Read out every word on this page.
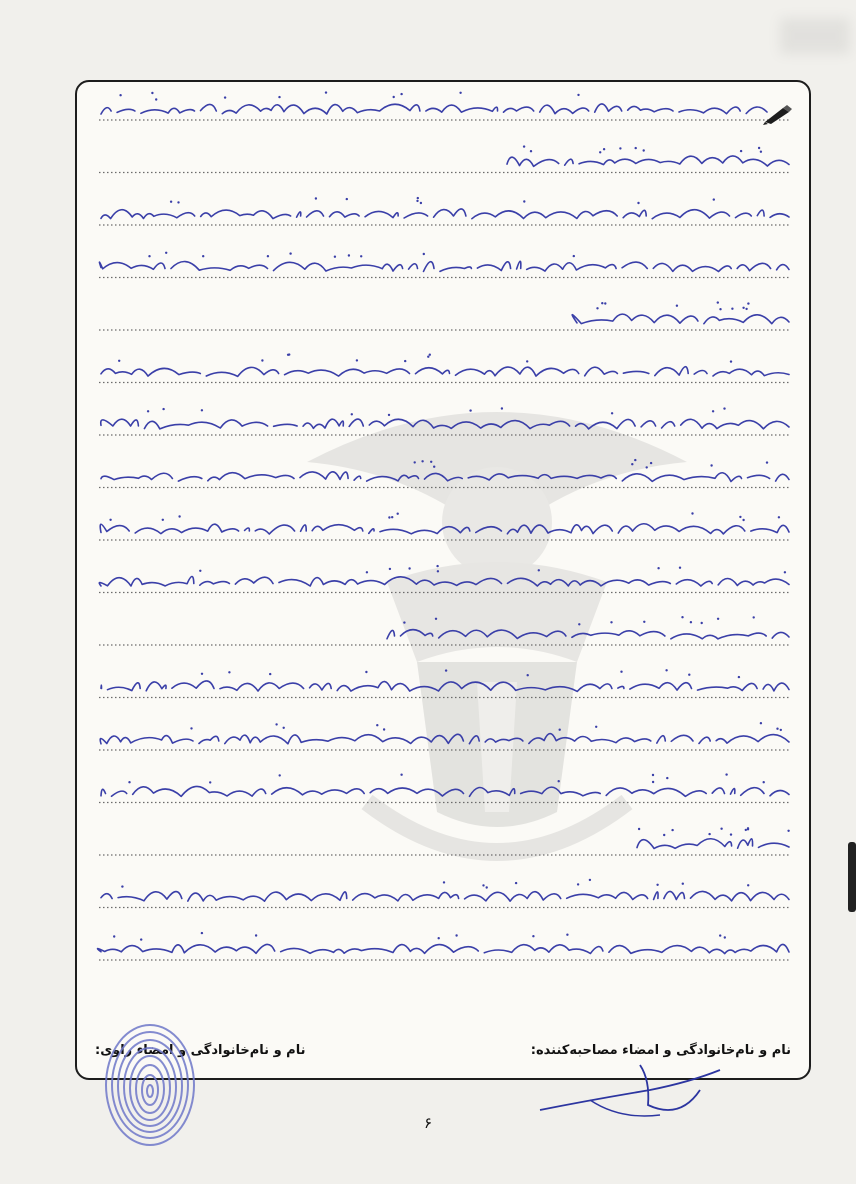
نام و نام‌خانوادگی و امضاء مصاحبه‌کننده:
نام و نام‌خانوادگی و امضاء راوی:
۶
